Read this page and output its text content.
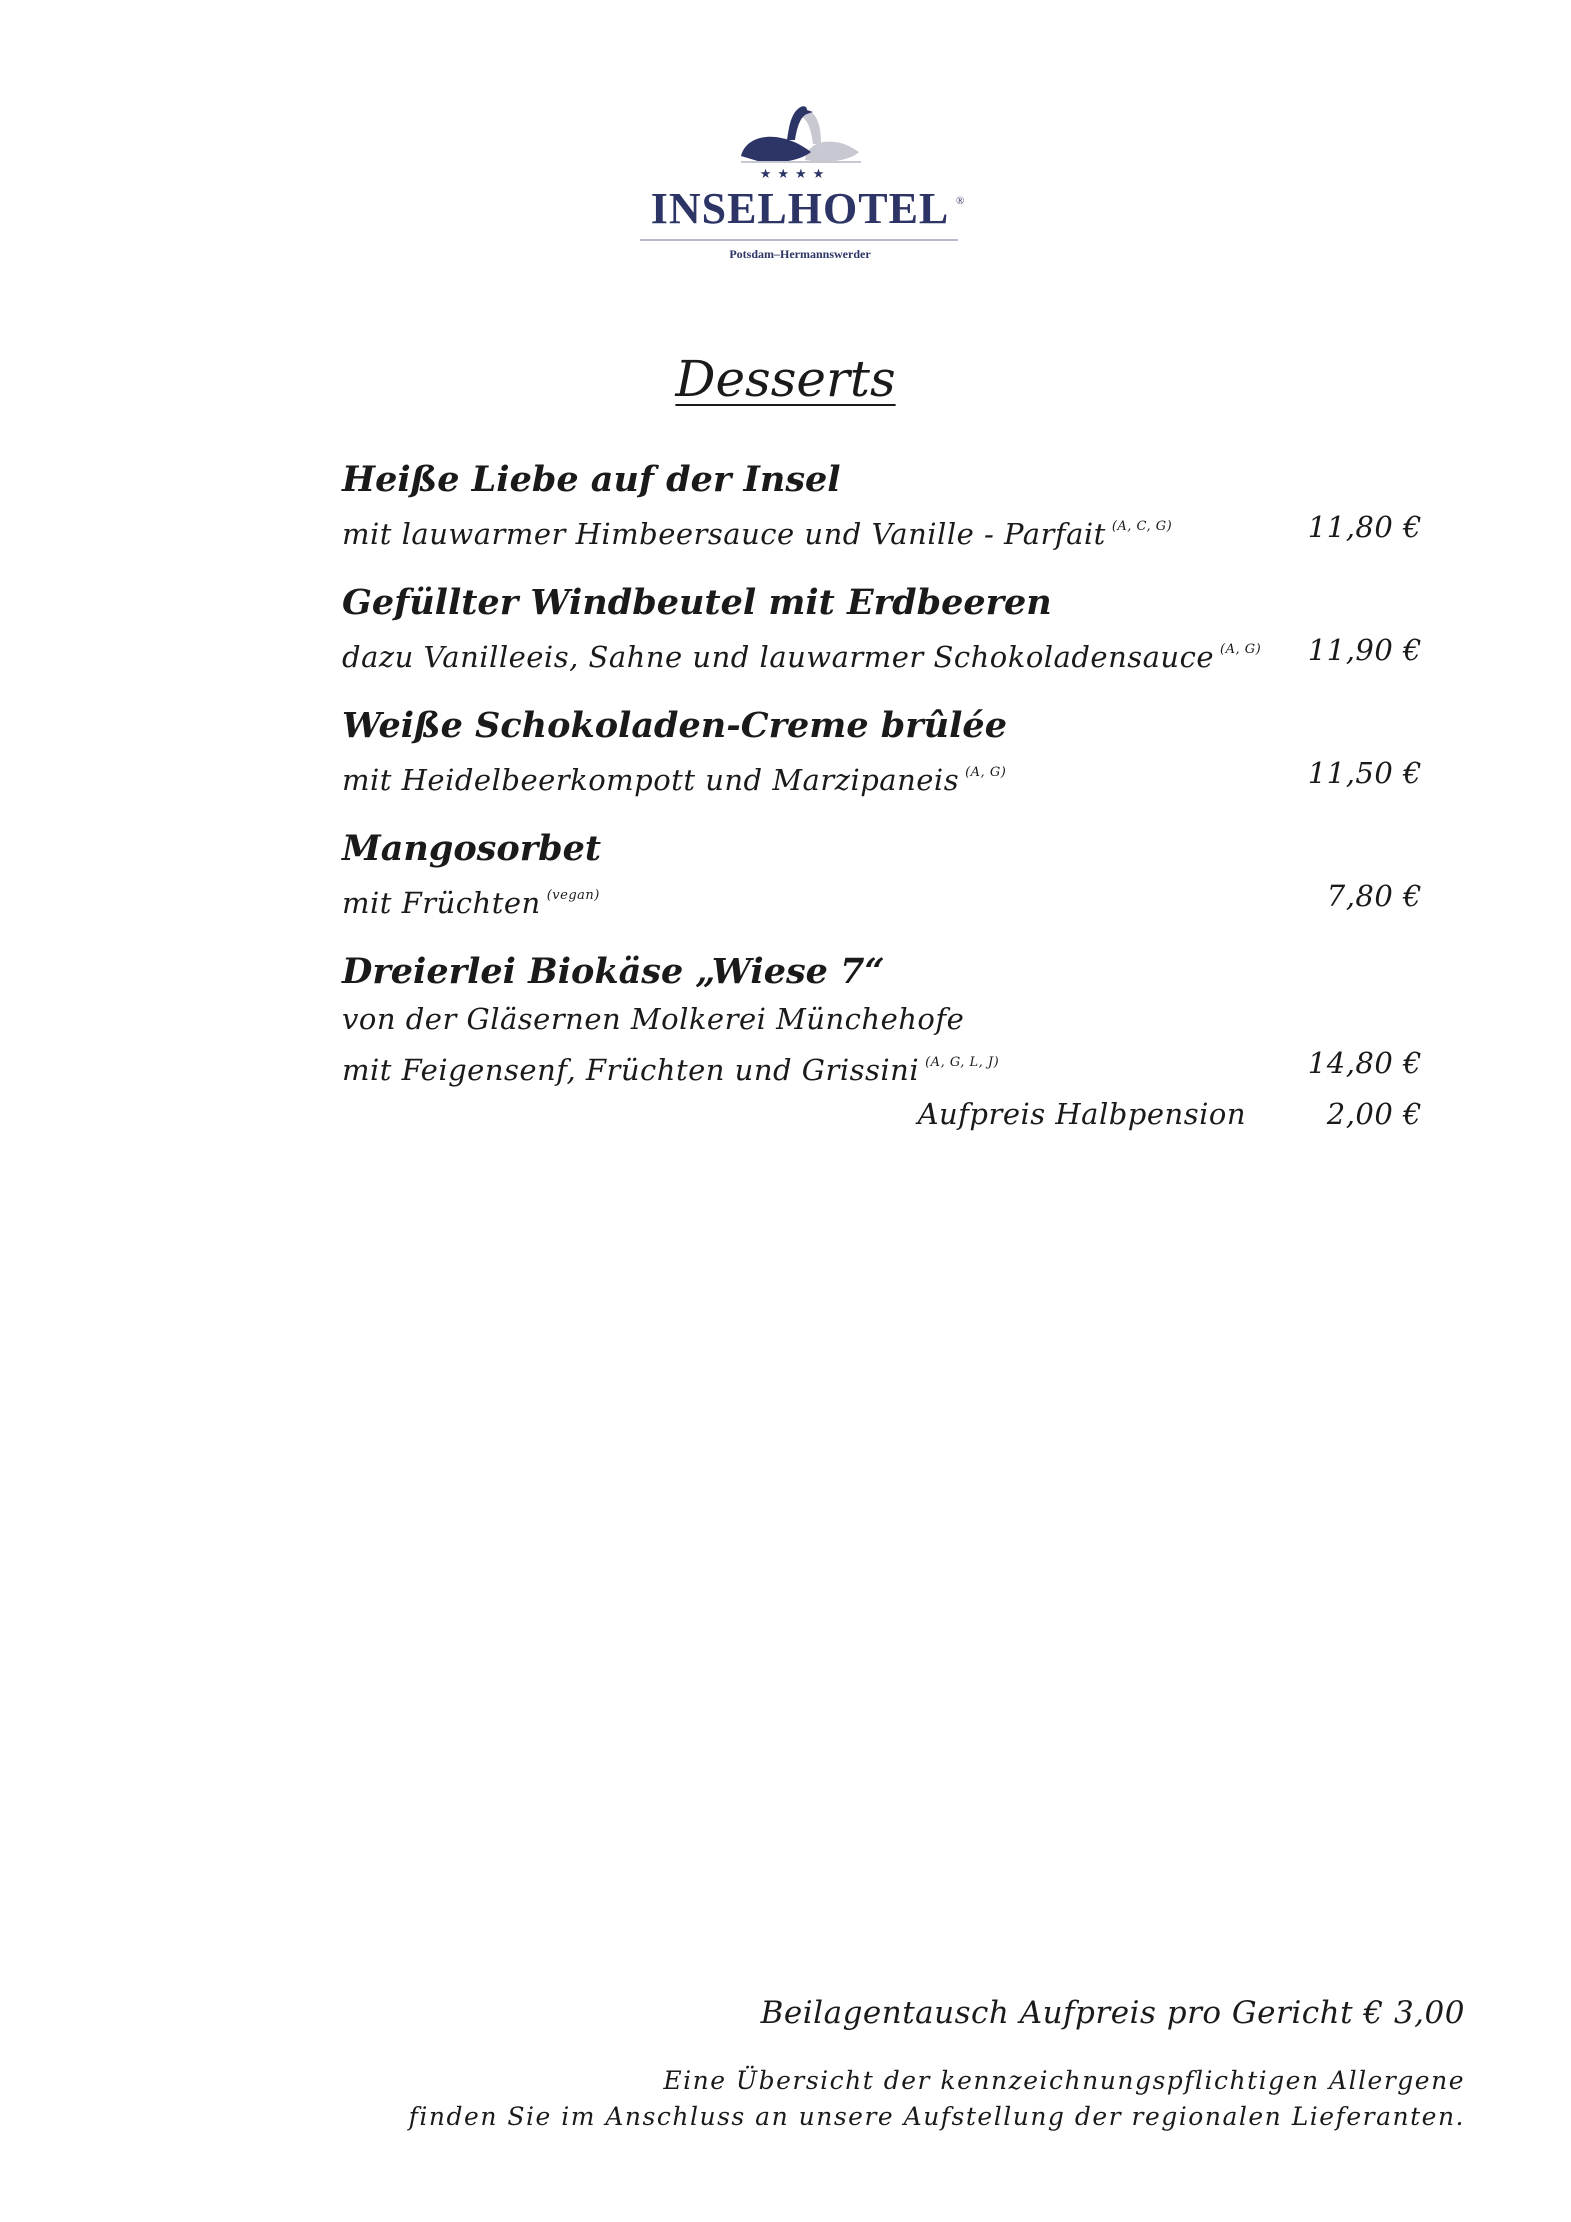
★★★★
INSELHOTEL ®
Potsdam–Hermannswerder
Desserts
Heiße Liebe auf der Insel
mit lauwarmer Himbeersauce und Vanille - Parfait $^{(A, C, G)}$	11,80 €
Gefüllter Windbeutel mit Erdbeeren
dazu Vanilleeis, Sahne und lauwarmer Schokoladensauce $^{(A, G)}$ 11,90 €
Weiße Schokoladen-Creme brûlée
mit Heidelbeerkompott und Marzipaneis $^{(A, G)}$	11,50 €
Mangosorbet
mit Früchten $^{(vegan)}$	7,80 €
Dreierlei Biokäse „Wiese 7“
von der Gläsernen Molkerei Münchehofe
mit Feigensenf, Früchten und Grissini $^{(A, G, L, J)}$	14,80 €
Aufpreis Halbpension	2,00 €
Beilagentausch Aufpreis pro Gericht € 3,00
Eine Übersicht der kennzeichnungspflichtigen Allergene
finden Sie im Anschluss an unsere Aufstellung der regionalen Lieferanten.
